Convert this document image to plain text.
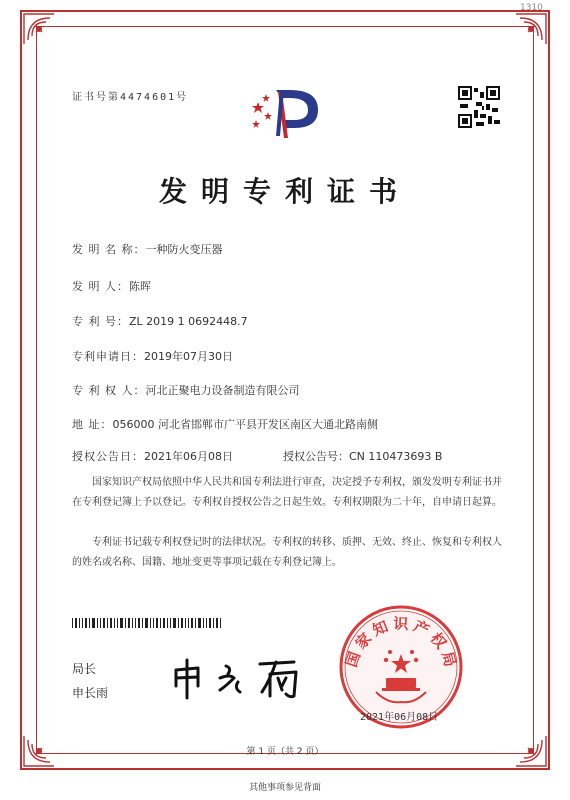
1310
证书号第4474601号
发明专利证书
发 明 名 称：一种防火变压器
发 明 人：陈晖
专 利 号：ZL 2019 1 0692448.7
专利申请日：2019年07月30日
专 利 权 人：河北正聚电力设备制造有限公司
地 址：056000 河北省邯郸市广平县开发区南区大通北路南侧
授权公告日：2021年06月08日	授权公告号：CN 110473693 B
国家知识产权局依照中华人民共和国专利法进行审查，决定授予专利权，颁发发明专利证书并在专利登记簿上予以登记。专利权自授权公告之日起生效。专利权期限为二十年，自申请日起算。
专利证书记载专利权登记时的法律状况。专利权的转移、质押、无效、终止、恢复和专利权人的姓名或名称、国籍、地址变更等事项记载在专利登记簿上。
局长
申长雨
国家知识产权局
2021年06月08日
第 1 页（共 2 页）
其他事项参见背面
